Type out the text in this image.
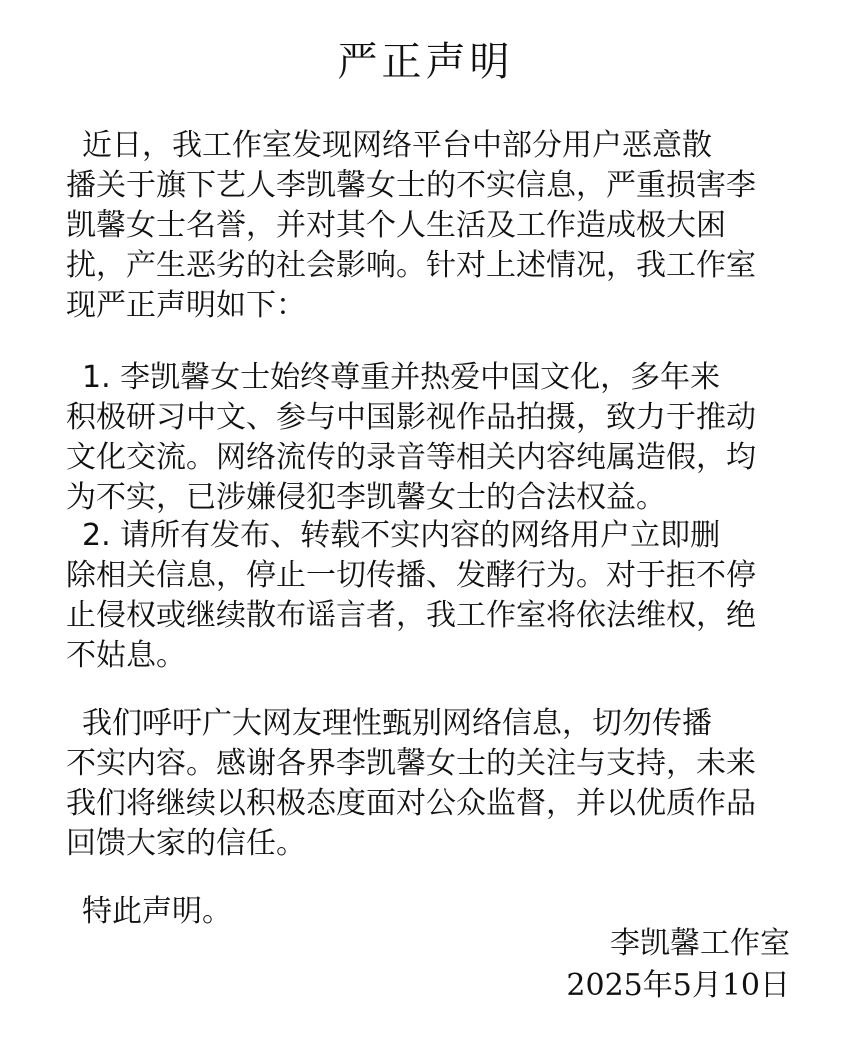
严正声明
近日，我工作室发现网络平台中部分用户恶意散
播关于旗下艺人李凯馨女士的不实信息，严重损害李
凯馨女士名誉，并对其个人生活及工作造成极大困
扰，产生恶劣的社会影响。针对上述情况，我工作室
现严正声明如下：
1. 李凯馨女士始终尊重并热爱中国文化，多年来
积极研习中文、参与中国影视作品拍摄，致力于推动
文化交流。网络流传的录音等相关内容纯属造假，均
为不实，已涉嫌侵犯李凯馨女士的合法权益。
2. 请所有发布、转载不实内容的网络用户立即删
除相关信息，停止一切传播、发酵行为。对于拒不停
止侵权或继续散布谣言者，我工作室将依法维权，绝
不姑息。
我们呼吁广大网友理性甄别网络信息，切勿传播
不实内容。感谢各界李凯馨女士的关注与支持，未来
我们将继续以积极态度面对公众监督，并以优质作品
回馈大家的信任。
特此声明。
李凯馨工作室
2025年5月10日
